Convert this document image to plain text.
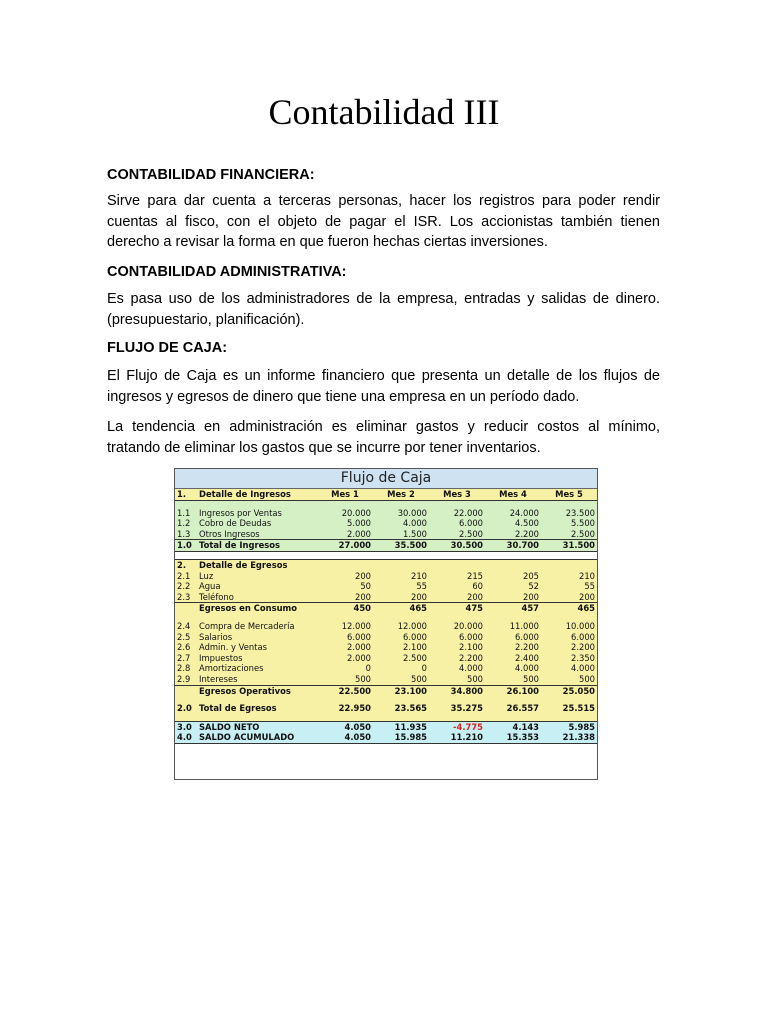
Contabilidad III
CONTABILIDAD FINANCIERA:
Sirve para dar cuenta a terceras personas, hacer los registros para poder rendir cuentas al fisco, con el objeto de pagar el ISR. Los accionistas también tienen derecho a revisar la forma en que fueron hechas ciertas inversiones.
CONTABILIDAD ADMINISTRATIVA:
Es pasa uso de los administradores de la empresa, entradas y salidas de dinero. (presupuestario, planificación).
FLUJO DE CAJA:
El Flujo de Caja es un informe financiero que presenta un detalle de los flujos de ingresos y egresos de dinero que tiene una empresa en un período dado.
La tendencia en administración es eliminar gastos y reducir costos al mínimo, tratando de eliminar los gastos que se incurre por tener inventarios.
Flujo de Caja
1.	Detalle de Ingresos	Mes 1	Mes 2	Mes 3	Mes 4	Mes 5

1.1	Ingresos por Ventas	20.000	30.000	22.000	24.000	23.500
1.2	Cobro de Deudas	5.000	4.000	6.000	4.500	5.500
1.3	Otros Ingresos	2.000	1.500	2.500	2.200	2.500
1.0	Total de Ingresos	27.000	35.500	30.500	30.700	31.500

2.	Detalle de Egresos					
2.1	Luz	200	210	215	205	210
2.2	Agua	50	55	60	52	55
2.3	Teléfono	200	200	200	200	200
	Egresos en Consumo	450	465	475	457	465

2.4	Compra de Mercadería	12.000	12.000	20.000	11.000	10.000
2.5	Salarios	6.000	6.000	6.000	6.000	6.000
2.6	Admin. y Ventas	2.000	2.100	2.100	2.200	2.200
2.7	Impuestos	2.000	2.500	2.200	2.400	2.350
2.8	Amortizaciones	0	0	4.000	4.000	4.000
2.9	Intereses	500	500	500	500	500
	Egresos Operativos	22.500	23.100	34.800	26.100	25.050

2.0	Total de Egresos	22.950	23.565	35.275	26.557	25.515

3.0	SALDO NETO	4.050	11.935	-4.775	4.143	5.985
4.0	SALDO ACUMULADO	4.050	15.985	11.210	15.353	21.338
